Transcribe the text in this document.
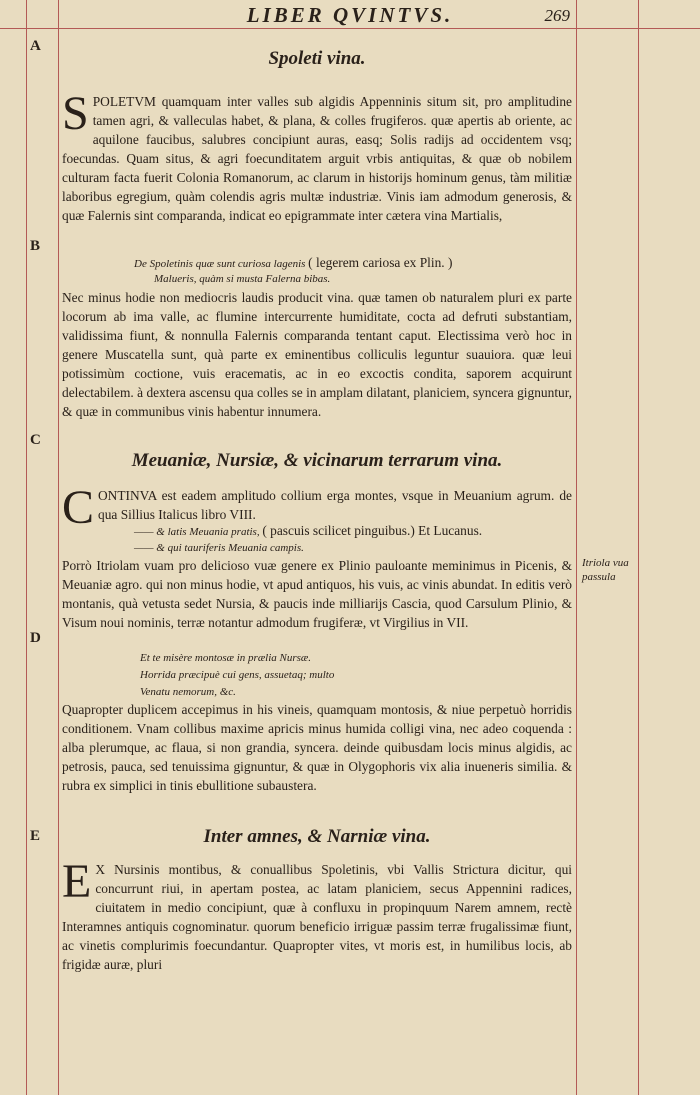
LIBER QVINTVS.	269
A
B
C
D
E
Itriola vua passula
Spoleti vina.

S POLETVM quamquam inter valles sub algidis Appenninis situm sit, pro amplitudine tamen agri, & valleculas habet, & plana, & colles frugiferos. quæ apertis ab oriente, ac aquilone faucibus, salubres concipiunt auras, easq; Solis radijs ad occidentem vsq; foecundas. Quam situs, & agri foecunditatem arguit vrbis antiquitas, & quæ ob nobilem culturam facta fuerit Colonia Romanorum, ac clarum in historijs hominum genus, tàm militiæ laboribus egregium, quàm colendis agris multæ industriæ. Vinis iam admodum generosis, & quæ Falernis sint comparanda, indicat eo epigrammate inter cætera vina Martialis,

De Spoletinis quæ sunt curiosa lagenis ( legerem cariosa ex Plin. )
Malueris, quàm si musta Falerna bibas.

Nec minus hodie non mediocris laudis producit vina. quæ tamen ob naturalem pluri ex parte locorum ab ima valle, ac flumine intercurrente humiditate, cocta ad defruti substantiam, validissima fiunt, & nonnulla Falernis comparanda tentant caput. Electissima verò hoc in genere Muscatella sunt, quà parte ex eminentibus colliculis leguntur suauiora. quæ leui potissimùm coctione, vuis eracematis, ac in eo excoctis condita, saporem acquirunt delectabilem. à dextera ascensu qua colles se in amplam dilatant, planiciem, syncera gignuntur, & quæ in communibus vinis habentur innumera.

Meuaniæ, Nursiæ, & vicinarum terrarum vina.

C ONTINVA est eadem amplitudo collium erga montes, vsque in Meuanium agrum. de qua Sillius Italicus libro VIII.

—— & latis Meuania pratis, ( pascuis scilicet pinguibus.) Et Lucanus.
—— & qui tauriferis Meuania campis.

Porrò Itriolam vuam pro delicioso vuæ genere ex Plinio pauloante meminimus in Picenis, & Meuaniæ agro. qui non minus hodie, vt apud antiquos, his vuis, ac vinis abundat. In editis verò montanis, quà vetusta sedet Nursia, & paucis inde milliarijs Cascia, quod Carsulum Plinio, & Visum noui nominis, terræ notantur admodum frugiferæ, vt Virgilius in VII.

Et te misère montosæ in prælia Nursæ.
Horrida præcipuè cui gens, assuetaq; multo
Venatu nemorum, &c.

Quapropter duplicem accepimus in his vineis, quamquam montosis, & niue perpetuò horridis conditionem. Vnam collibus maxime apricis minus humida colligi vina, nec adeo coquenda : alba plerumque, ac flaua, si non grandia, syncera. deinde quibusdam locis minus algidis, ac petrosis, pauca, sed tenuissima gignuntur, & quæ in Olygophoris vix alia inueneris similia. & rubra ex simplici in tinis ebullitione subaustera.

Inter amnes, & Narniæ vina.

E X Nursinis montibus, & conuallibus Spoletinis, vbi Vallis Strictura dicitur, qui concurrunt riui, in apertam postea, ac latam planiciem, secus Appennini radices, ciuitatem in medio concipiunt, quæ à confluxu in propinquum Narem amnem, rectè Interamnes antiquis cognominatur. quorum beneficio irriguæ passim terræ frugalissimæ fiunt, ac vinetis complurimis foecundantur. Quapropter vites, vt moris est, in humilibus locis, ab frigidæ auræ, pluri
